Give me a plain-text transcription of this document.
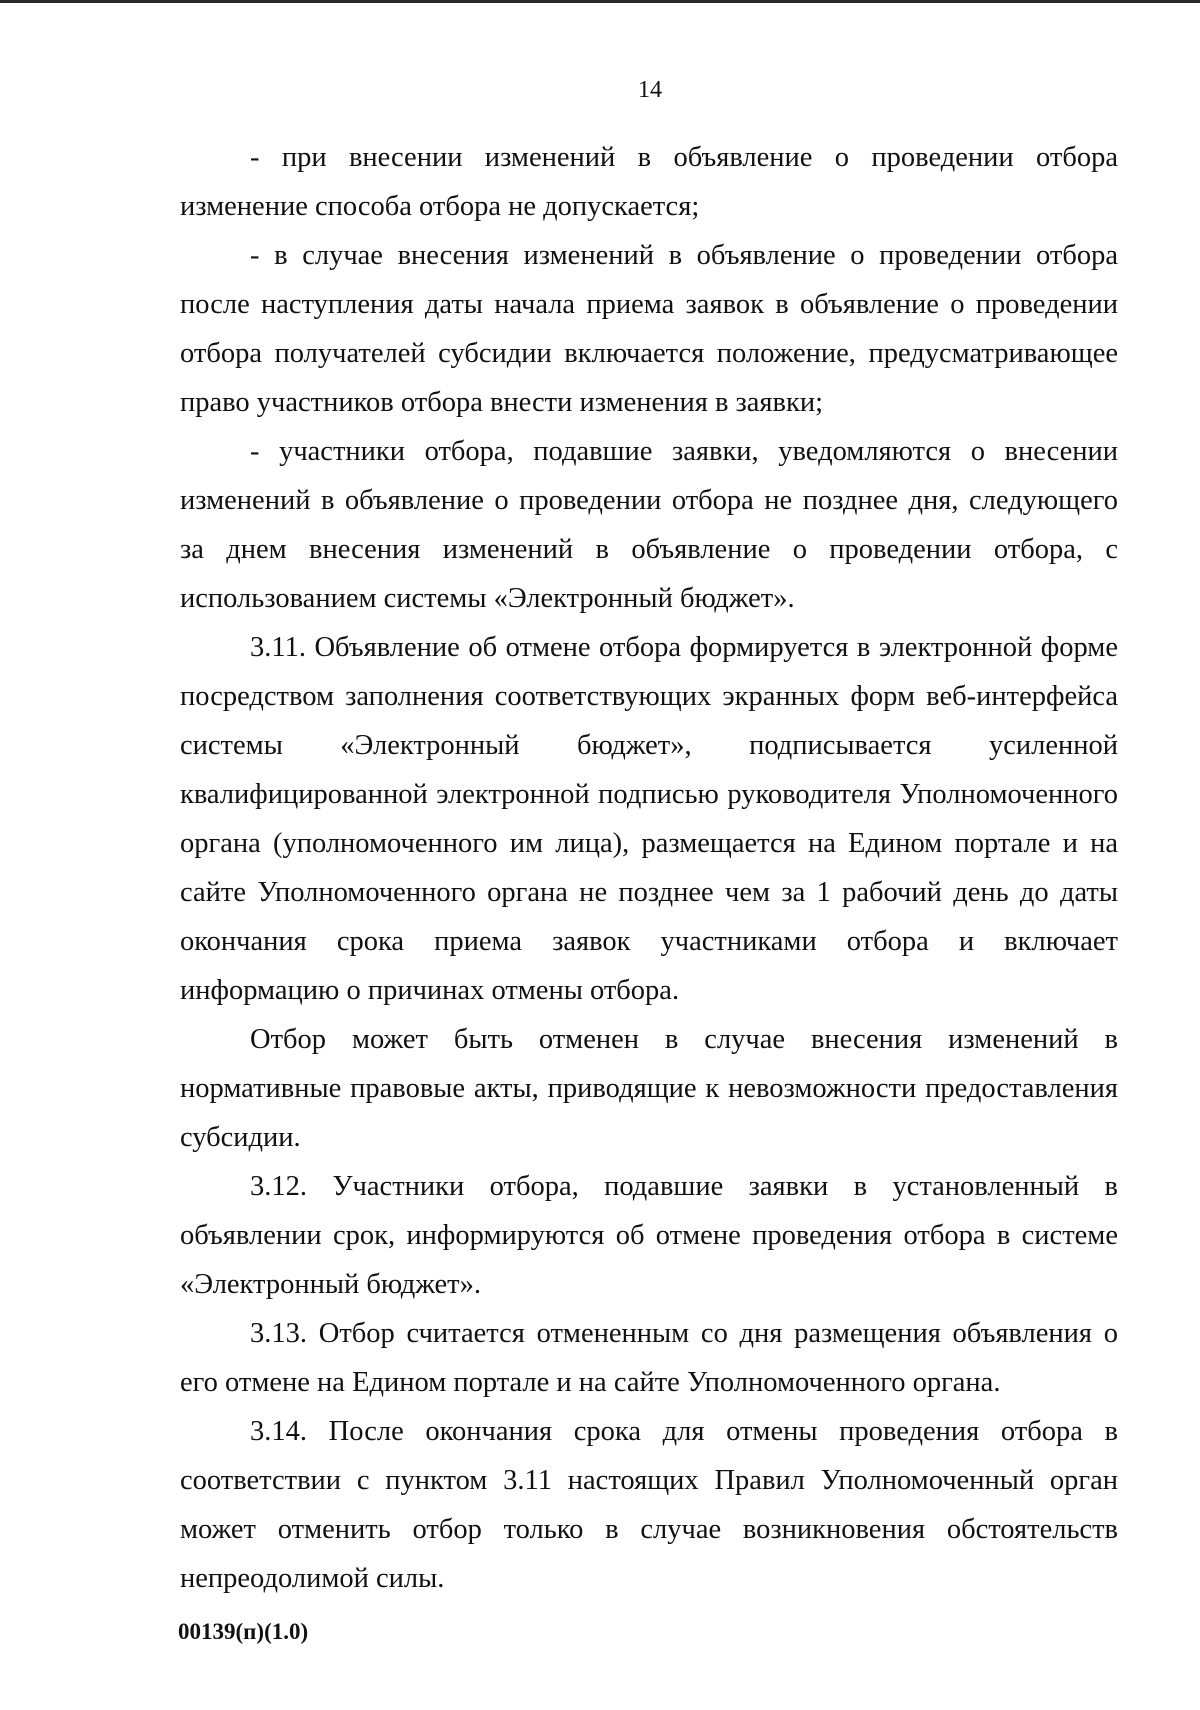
14

- при внесении изменений в объявление о проведении отбора изменение способа отбора не допускается;

- в случае внесения изменений в объявление о проведении отбора после наступления даты начала приема заявок в объявление о проведении отбора получателей субсидии включается положение, предусматривающее право участников отбора внести изменения в заявки;

- участники отбора, подавшие заявки, уведомляются о внесении изменений в объявление о проведении отбора не позднее дня, следующего за днем внесения изменений в объявление о проведении отбора, с использованием системы «Электронный бюджет».

3.11. Объявление об отмене отбора формируется в электронной форме посредством заполнения соответствующих экранных форм веб-интерфейса системы «Электронный бюджет», подписывается усиленной квалифицированной электронной подписью руководителя Уполномоченного органа (уполномоченного им лица), размещается на Едином портале и на сайте Уполномоченного органа не позднее чем за 1 рабочий день до даты окончания срока приема заявок участниками отбора и включает информацию о причинах отмены отбора.

Отбор может быть отменен в случае внесения изменений в нормативные правовые акты, приводящие к невозможности предоставления субсидии.

3.12. Участники отбора, подавшие заявки в установленный в объявлении срок, информируются об отмене проведения отбора в системе «Электронный бюджет».

3.13. Отбор считается отмененным со дня размещения объявления о его отмене на Едином портале и на сайте Уполномоченного органа.

3.14. После окончания срока для отмены проведения отбора в соответствии с пунктом 3.11 настоящих Правил Уполномоченный орган может отменить отбор только в случае возникновения обстоятельств непреодолимой силы.

00139(п)(1.0)
